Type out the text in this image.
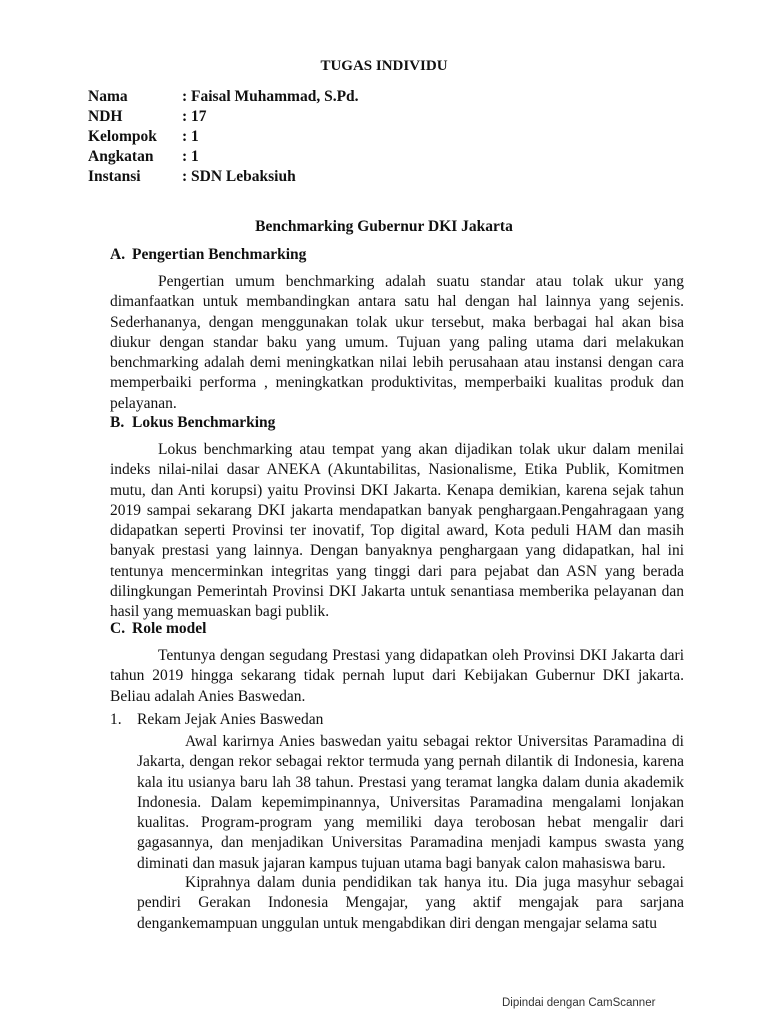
TUGAS INDIVIDU

Nama	: Faisal Muhammad, S.Pd.
NDH	: 17
Kelompok	: 1
Angkatan	: 1
Instansi	: SDN Lebaksiuh

Benchmarking Gubernur DKI Jakarta

A. Pengertian Benchmarking

Pengertian umum benchmarking adalah suatu standar atau tolak ukur yang dimanfaatkan untuk membandingkan antara satu hal dengan hal lainnya yang sejenis. Sederhananya, dengan menggunakan tolak ukur tersebut, maka berbagai hal akan bisa diukur dengan standar baku yang umum. Tujuan yang paling utama dari melakukan benchmarking adalah demi meningkatkan nilai lebih perusahaan atau instansi dengan cara memperbaiki performa , meningkatkan produktivitas, memperbaiki kualitas produk dan pelayanan.

B. Lokus Benchmarking

Lokus benchmarking atau tempat yang akan dijadikan tolak ukur dalam menilai indeks nilai-nilai dasar ANEKA (Akuntabilitas, Nasionalisme, Etika Publik, Komitmen mutu, dan Anti korupsi) yaitu Provinsi DKI Jakarta. Kenapa demikian, karena sejak tahun 2019 sampai sekarang DKI jakarta mendapatkan banyak penghargaan.Pengahragaan yang didapatkan seperti Provinsi ter inovatif, Top digital award, Kota peduli HAM dan masih banyak prestasi yang lainnya. Dengan banyaknya penghargaan yang didapatkan, hal ini tentunya mencerminkan integritas yang tinggi dari para pejabat dan ASN yang berada dilingkungan Pemerintah Provinsi DKI Jakarta untuk senantiasa memberika pelayanan dan hasil yang memuaskan bagi publik.

C. Role model

Tentunya dengan segudang Prestasi yang didapatkan oleh Provinsi DKI Jakarta dari tahun 2019 hingga sekarang tidak pernah luput dari Kebijakan Gubernur DKI jakarta. Beliau adalah Anies Baswedan.

1. Rekam Jejak Anies Baswedan

Awal karirnya Anies baswedan yaitu sebagai rektor Universitas Paramadina di Jakarta, dengan rekor sebagai rektor termuda yang pernah dilantik di Indonesia, karena kala itu usianya baru lah 38 tahun. Prestasi yang teramat langka dalam dunia akademik Indonesia. Dalam kepemimpinannya, Universitas Paramadina mengalami lonjakan kualitas. Program-program yang memiliki daya terobosan hebat mengalir dari gagasannya, dan menjadikan Universitas Paramadina menjadi kampus swasta yang diminati dan masuk jajaran kampus tujuan utama bagi banyak calon mahasiswa baru.

Kiprahnya dalam dunia pendidikan tak hanya itu. Dia juga masyhur sebagai pendiri Gerakan Indonesia Mengajar, yang aktif mengajak para sarjana dengankemampuan unggulan untuk mengabdikan diri dengan mengajar selama satu

Dipindai dengan CamScanner
